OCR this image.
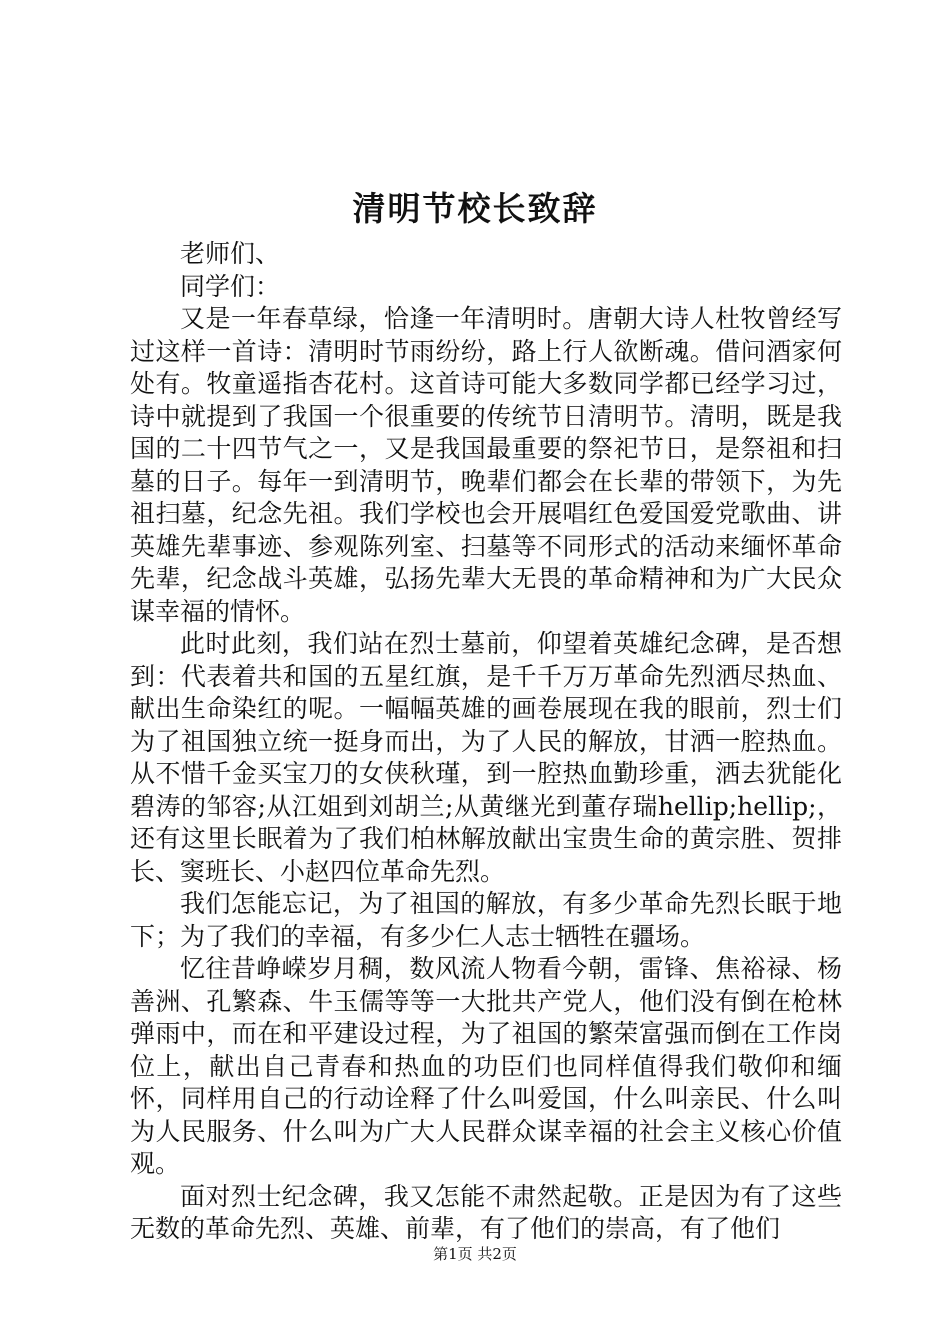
清明节校长致辞

老师们、

同学们：

又是一年春草绿，恰逢一年清明时。唐朝大诗人杜牧曾经写过这样一首诗：清明时节雨纷纷，路上行人欲断魂。借问酒家何处有。牧童遥指杏花村。这首诗可能大多数同学都已经学习过，诗中就提到了我国一个很重要的传统节日清明节。清明，既是我国的二十四节气之一，又是我国最重要的祭祀节日，是祭祖和扫墓的日子。每年一到清明节，晚辈们都会在长辈的带领下，为先祖扫墓，纪念先祖。我们学校也会开展唱红色爱国爱党歌曲、讲英雄先辈事迹、参观陈列室、扫墓等不同形式的活动来缅怀革命先辈，纪念战斗英雄，弘扬先辈大无畏的革命精神和为广大民众谋幸福的情怀。

此时此刻，我们站在烈士墓前，仰望着英雄纪念碑，是否想到：代表着共和国的五星红旗，是千千万万革命先烈洒尽热血、献出生命染红的呢。一幅幅英雄的画卷展现在我的眼前，烈士们为了祖国独立统一挺身而出，为了人民的解放，甘洒一腔热血。从不惜千金买宝刀的女侠秋瑾，到一腔热血勤珍重，洒去犹能化碧涛的邹容;从江姐到刘胡兰;从黄继光到董存瑞hellip;hellip;，还有这里长眠着为了我们柏林解放献出宝贵生命的黄宗胜、贺排长、窦班长、小赵四位革命先烈。

我们怎能忘记，为了祖国的解放，有多少革命先烈长眠于地下；为了我们的幸福，有多少仁人志士牺牲在疆场。

忆往昔峥嵘岁月稠，数风流人物看今朝，雷锋、焦裕禄、杨善洲、孔繁森、牛玉儒等等一大批共产党人，他们没有倒在枪林弹雨中，而在和平建设过程，为了祖国的繁荣富强而倒在工作岗位上，献出自己青春和热血的功臣们也同样值得我们敬仰和缅怀，同样用自己的行动诠释了什么叫爱国，什么叫亲民、什么叫为人民服务、什么叫为广大人民群众谋幸福的社会主义核心价值观。

面对烈士纪念碑，我又怎能不肃然起敬。正是因为有了这些无数的革命先烈、英雄、前辈，有了他们的崇高，有了他们

第1页 共2页
